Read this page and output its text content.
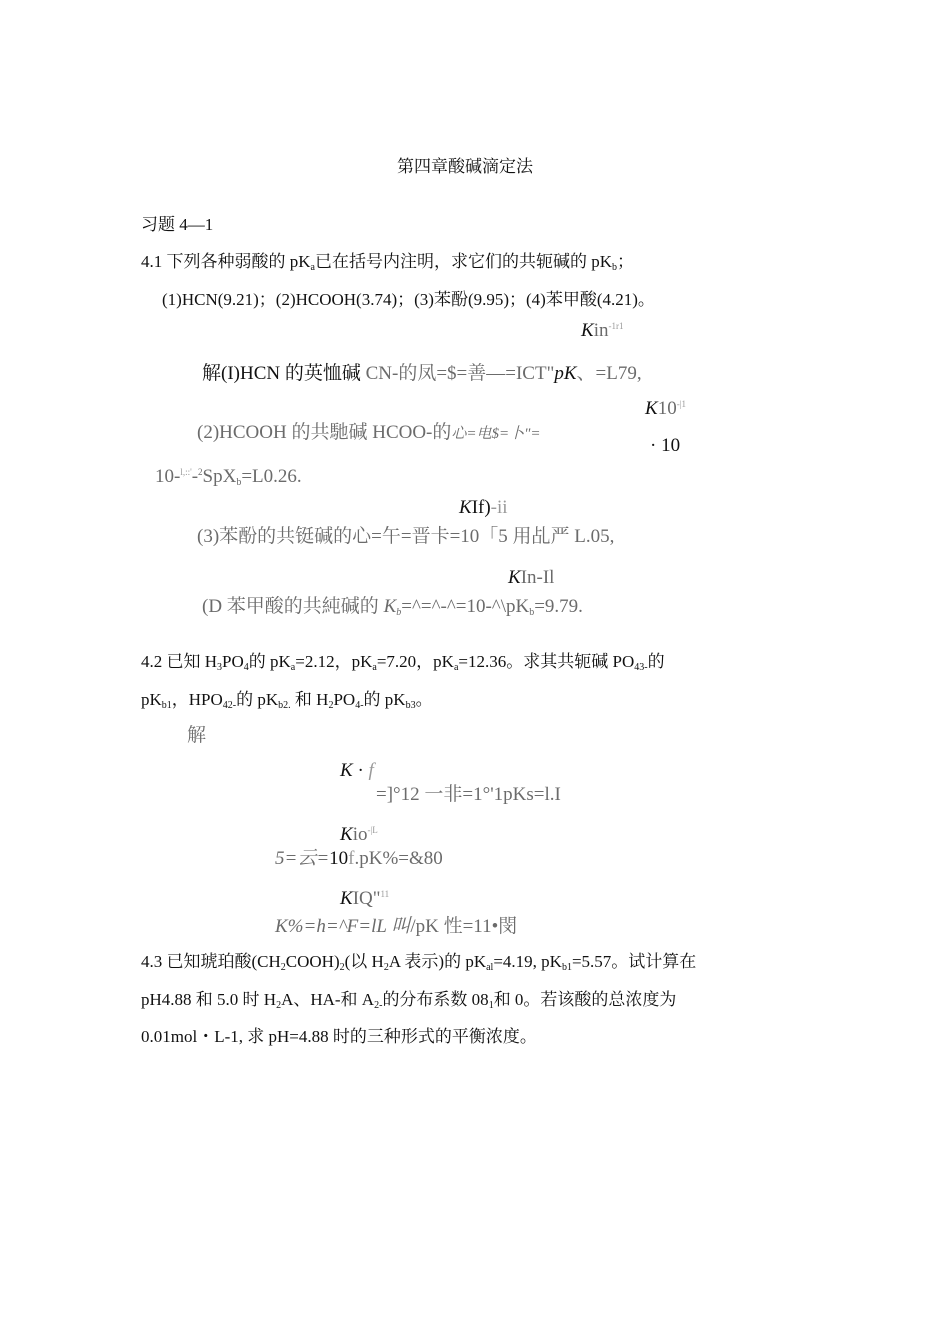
第四章酸碱滴定法
习题 4—1
4.1 下列各种弱酸的 $pK_a$已在括号内注明，求它们的共轭碱的 $pK_b$；
(1)HCN(9.21)；(2)HCOOH(3.74)；(3)苯酚(9.95)；(4)苯甲酸(4.21)。
Kin$^{-1r1}$
解(I)HCN 的英恤碱 CN-的凤=$=善—=ICT"pK、=L79,
$K10^{-|1}$
(2)HCOOH 的共馳碱 HCOO-的心=电$=卜"=
· 10
10-$^{l,::'}$-$^2$SpX$_b$=L0.26.
KIf)-ii
(3)苯酚的共铤碱的心=午=晋卡=10「5 用乩严 L.05,
KIn-Il
(D 苯甲酸的共純碱的 $K_b=\^{}=\^{}-\^{}=10-\^{}\backslash pK_b=9.79$.
4.2 已知 $H_3PO_4$的 $pK_a=2.12$，$pK_a=7.20$，$pK_a=12.36$。求其共轭碱 $PO_{43-}$的
$pK_{b1}$，$HPO_{42-}$的 $pK_{b2.}$ 和 $H_2PO_{4-}$的 $pK_{b3}$。
解
K · f
=]°12 一非=1°'1pKs=l.I
Kio$^{-|L}$
5=云=10f.pK%=&80
KIQ"$^{11}$
K%=h=^F=lL 叫/pK 性=11•閔
4.3 已知琥珀酸$(CH_2COOH)_2$(以 $H_2A$ 表示)的 $pK_{al}=4.19$, $pK_{b1}=5.57$。试计算在
pH4.88 和 5.0 时 $H_2A$、HA-和 $A_{2-}$的分布系数 $08_1$和 0。若该酸的总浓度为
0.01mol・L-1, 求 pH=4.88 时的三种形式的平衡浓度。
